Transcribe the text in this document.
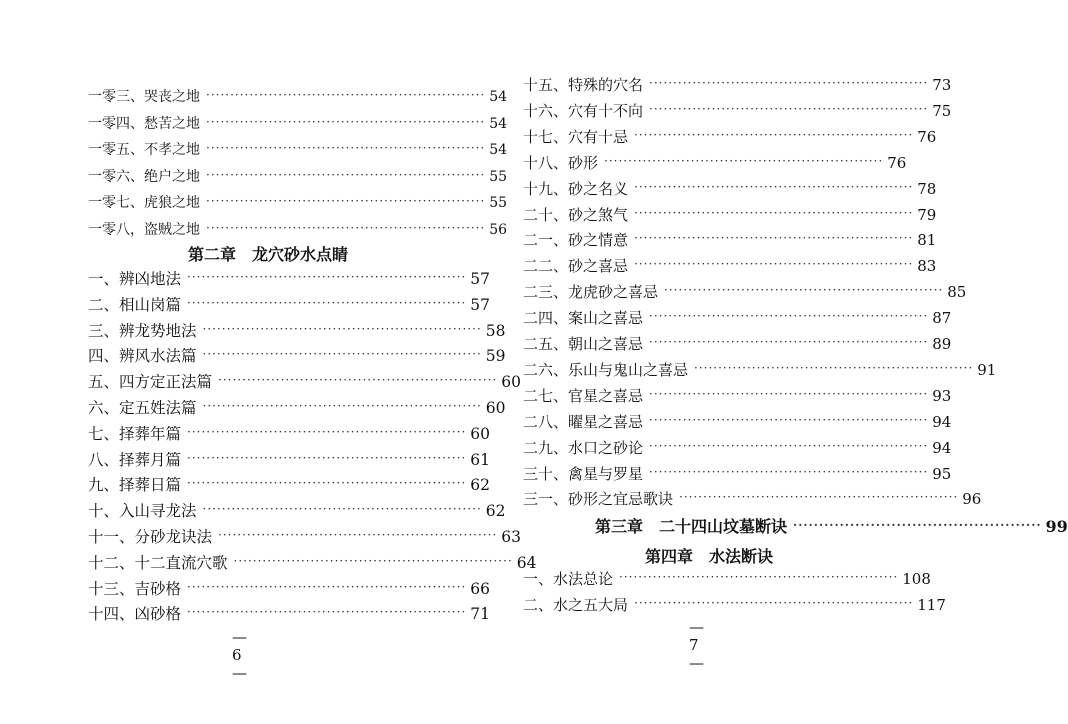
一零三、哭丧之地 ·························································· 54
一零四、愁苦之地 ·························································· 54
一零五、不孝之地 ·························································· 54
一零六、绝户之地 ·························································· 55
一零七、虎狼之地 ·························································· 55
一零八，盗贼之地 ·························································· 56
第二章　龙穴砂水点睛
一、辨凶地法 ·························································· 57
二、相山岗篇 ·························································· 57
三、辨龙势地法 ·························································· 58
四、辨风水法篇 ·························································· 59
五、四方定正法篇 ·························································· 60
六、定五姓法篇 ·························································· 60
七、择葬年篇 ·························································· 60
八、择葬月篇 ·························································· 61
九、择葬日篇 ·························································· 62
十、入山寻龙法 ·························································· 62
十一、分砂龙诀法 ·························································· 63
十二、十二直流穴歌 ·························································· 64
十三、吉砂格 ·························································· 66
十四、凶砂格 ·························································· 71
— 6 —
十五、特殊的穴名 ·························································· 73
十六、穴有十不向 ·························································· 75
十七、穴有十忌 ·························································· 76
十八、砂形 ·························································· 76
十九、砂之名义 ·························································· 78
二十、砂之煞气 ·························································· 79
二一、砂之情意 ·························································· 81
二二、砂之喜忌 ·························································· 83
二三、龙虎砂之喜忌 ·························································· 85
二四、案山之喜忌 ·························································· 87
二五、朝山之喜忌 ·························································· 89
二六、乐山与鬼山之喜忌 ·························································· 91
二七、官星之喜忌 ·························································· 93
二八、曜星之喜忌 ·························································· 94
二九、水口之砂论 ·························································· 94
三十、禽星与罗星 ·························································· 95
三一、砂形之宜忌歌诀 ·························································· 96
第三章　二十四山坟墓断诀 ················································ 99
第四章　水法断诀
一、水法总论 ·························································· 108
二、水之五大局 ·························································· 117
— 7 —
